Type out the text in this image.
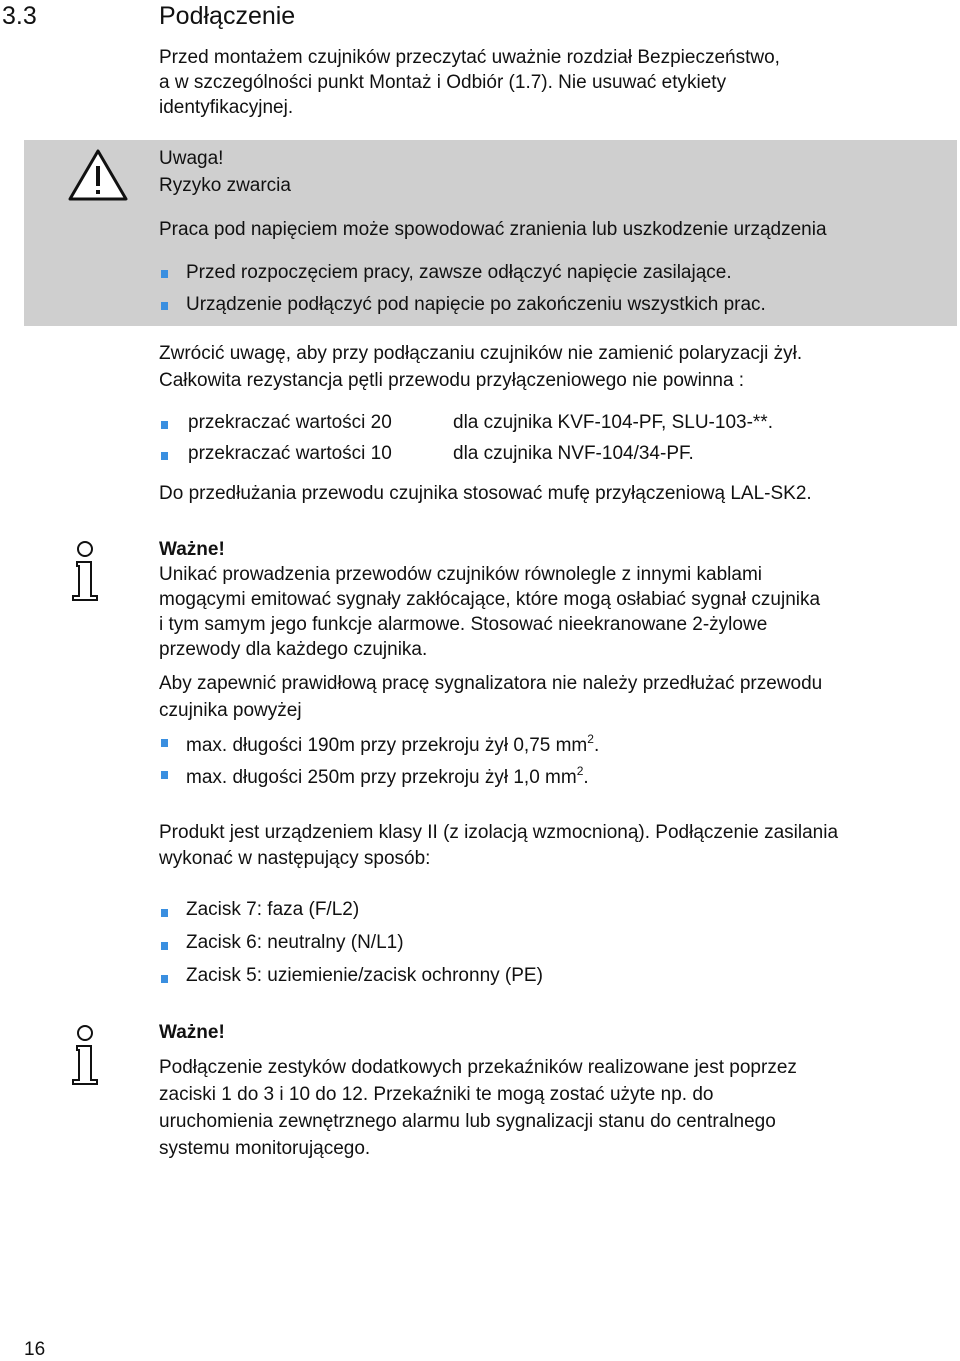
3.3	Podłączenie
Przed montażem czujników przeczytać uważnie rozdział Bezpieczeństwo,
a w szczególności punkt Montaż i Odbiór (1.7). Nie usuwać etykiety
identyfikacyjnej.
Uwaga!
Ryzyko zwarcia
Praca pod napięciem może spowodować zranienia lub uszkodzenie urządzenia
Przed rozpoczęciem pracy, zawsze odłączyć napięcie zasilające.
Urządzenie podłączyć pod napięcie po zakończeniu wszystkich prac.
Zwrócić uwagę, aby przy podłączaniu czujników nie zamienić polaryzacji żył.
Całkowita rezystancja pętli przewodu przyłączeniowego nie powinna :
przekraczać wartości 20	dla czujnika KVF-104-PF, SLU-103-**.
przekraczać wartości 10	dla czujnika NVF-104/34-PF.
Do przedłużania przewodu czujnika stosować mufę przyłączeniową LAL-SK2.
Ważne!
Unikać prowadzenia przewodów czujników równolegle z innymi kablami
mogącymi emitować sygnały zakłócające, które mogą osłabiać sygnał czujnika
i tym samym jego funkcje alarmowe. Stosować nieekranowane 2-żylowe
przewody dla każdego czujnika.
Aby zapewnić prawidłową pracę sygnalizatora nie należy przedłużać przewodu
czujnika powyżej
max. długości 190m przy przekroju żył 0,75 $mm^2$.
max. długości 250m przy przekroju żył 1,0 $mm^2$.
Produkt jest urządzeniem klasy II (z izolacją wzmocnioną). Podłączenie zasilania
wykonać w następujący sposób:
Zacisk 7: faza (F/L2)
Zacisk 6: neutralny (N/L1)
Zacisk 5: uziemienie/zacisk ochronny (PE)
Ważne!
Podłączenie zestyków dodatkowych przekaźników realizowane jest poprzez
zaciski 1 do 3 i 10 do 12. Przekaźniki te mogą zostać użyte np. do
uruchomienia zewnętrznego alarmu lub sygnalizacji stanu do centralnego
systemu monitorującego.
16
